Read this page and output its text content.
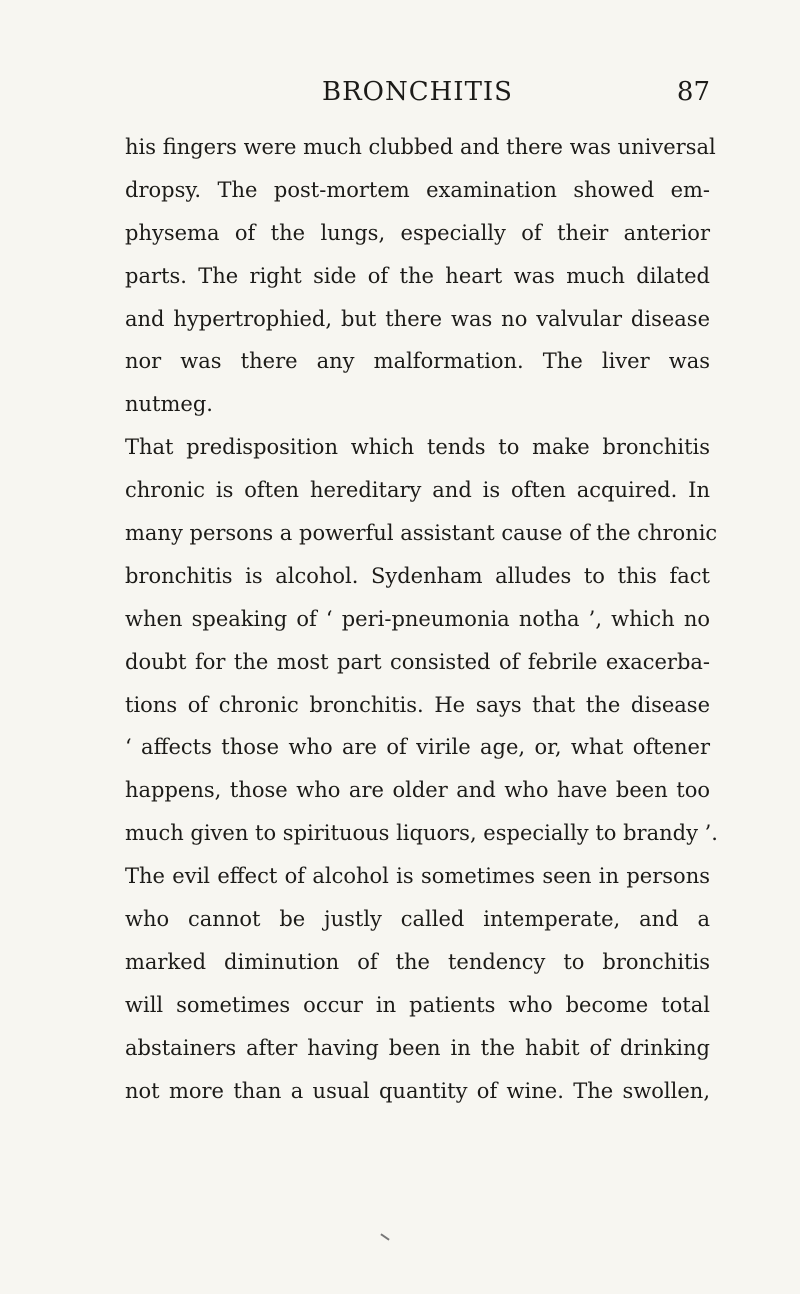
BRONCHITIS	87
his fingers were much clubbed and there was universal
dropsy. The post-mortem examination showed em-
physema of the lungs, especially of their anterior
parts. The right side of the heart was much dilated
and hypertrophied, but there was no valvular disease
nor was there any malformation. The liver was
nutmeg.
That predisposition which tends to make bronchitis
chronic is often hereditary and is often acquired. In
many persons a powerful assistant cause of the chronic
bronchitis is alcohol. Sydenham alludes to this fact
when speaking of ‘ peri-pneumonia notha ’, which no
doubt for the most part consisted of febrile exacerba-
tions of chronic bronchitis. He says that the disease
‘ affects those who are of virile age, or, what oftener
happens, those who are older and who have been too
much given to spirituous liquors, especially to brandy ’.
The evil effect of alcohol is sometimes seen in persons
who cannot be justly called intemperate, and a
marked diminution of the tendency to bronchitis
will sometimes occur in patients who become total
abstainers after having been in the habit of drinking
not more than a usual quantity of wine. The swollen,
